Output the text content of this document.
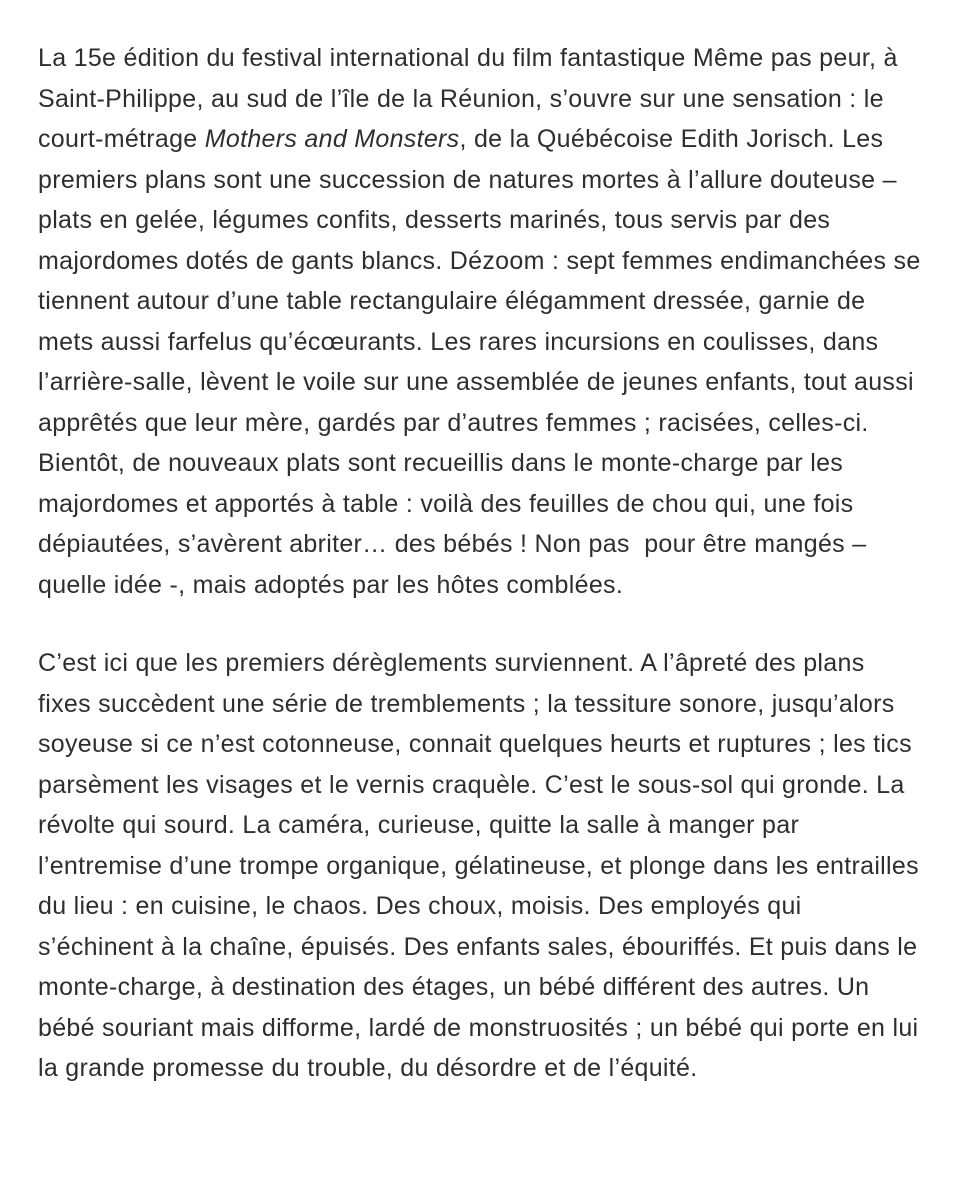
La 15e édition du festival international du film fantastique Même pas peur, à Saint-Philippe, au sud de l’île de la Réunion, s’ouvre sur une sensation : le court-métrage Mothers and Monsters, de la Québécoise Edith Jorisch. Les premiers plans sont une succession de natures mortes à l’allure douteuse – plats en gelée, légumes confits, desserts marinés, tous servis par des majordomes dotés de gants blancs. Dézoom : sept femmes endimanchées se tiennent autour d’une table rectangulaire élégamment dressée, garnie de mets aussi farfelus qu’écœurants. Les rares incursions en coulisses, dans l’arrière-salle, lèvent le voile sur une assemblée de jeunes enfants, tout aussi apprêtés que leur mère, gardés par d’autres femmes ; racisées, celles-ci. Bientôt, de nouveaux plats sont recueillis dans le monte-charge par les majordomes et apportés à table : voilà des feuilles de chou qui, une fois dépiautées, s’avèrent abriter… des bébés ! Non pas  pour être mangés – quelle idée -, mais adoptés par les hôtes comblées.

C’est ici que les premiers dérèglements surviennent. A l’âpreté des plans fixes succèdent une série de tremblements ; la tessiture sonore, jusqu’alors soyeuse si ce n’est cotonneuse, connait quelques heurts et ruptures ; les tics parsèment les visages et le vernis craquèle. C’est le sous-sol qui gronde. La révolte qui sourd. La caméra, curieuse, quitte la salle à manger par l’entremise d’une trompe organique, gélatineuse, et plonge dans les entrailles du lieu : en cuisine, le chaos. Des choux, moisis. Des employés qui s’échinent à la chaîne, épuisés. Des enfants sales, ébouriffés. Et puis dans le monte-charge, à destination des étages, un bébé différent des autres. Un bébé souriant mais difforme, lardé de monstruosités ; un bébé qui porte en lui la grande promesse du trouble, du désordre et de l’équité.
